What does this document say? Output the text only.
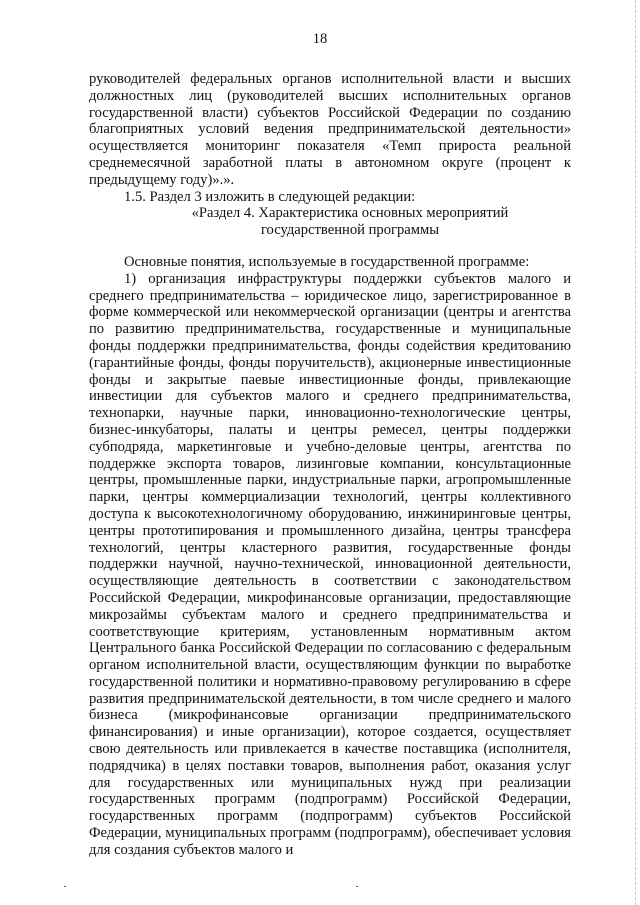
18

руководителей федеральных органов исполнительной власти и высших должностных лиц (руководителей высших исполнительных органов государственной власти) субъектов Российской Федерации по созданию благоприятных условий ведения предпринимательской деятельности» осуществляется мониторинг показателя «Темп прироста реальной среднемесячной заработной платы в автономном округе (процент к предыдущему году)».».

1.5. Раздел 3 изложить в следующей редакции:

«Раздел 4. Характеристика основных мероприятий

государственной программы

Основные понятия, используемые в государственной программе:

1) организация инфраструктуры поддержки субъектов малого и среднего предпринимательства – юридическое лицо, зарегистрированное в форме коммерческой или некоммерческой организации (центры и агентства по развитию предпринимательства, государственные и муниципальные фонды поддержки предпринимательства, фонды содействия кредитованию (гарантийные фонды, фонды поручительств), акционерные инвестиционные фонды и закрытые паевые инвестиционные фонды, привлекающие инвестиции для субъектов малого и среднего предпринимательства, технопарки, научные парки, инновационно-технологические центры, бизнес-инкубаторы, палаты и центры ремесел, центры поддержки субподряда, маркетинговые и учебно-деловые центры, агентства по поддержке экспорта товаров, лизинговые компании, консультационные центры, промышленные парки, индустриальные парки, агропромышленные парки, центры коммерциализации технологий, центры коллективного доступа к высокотехнологичному оборудованию, инжиниринговые центры, центры прототипирования и промышленного дизайна, центры трансфера технологий, центры кластерного развития, государственные фонды поддержки научной, научно-технической, инновационной деятельности, осуществляющие деятельность в соответствии с законодательством Российской Федерации, микрофинансовые организации, предоставляющие микрозаймы субъектам малого и среднего предпринимательства и соответствующие критериям, установленным нормативным актом Центрального банка Российской Федерации по согласованию с федеральным органом исполнительной власти, осуществляющим функции по выработке государственной политики и нормативно-правовому регулированию в сфере развития предпринимательской деятельности, в том числе среднего и малого бизнеса (микрофинансовые организации предпринимательского финансирования) и иные организации), которое создается, осуществляет свою деятельность или привлекается в качестве поставщика (исполнителя, подрядчика) в целях поставки товаров, выполнения работ, оказания услуг для государственных или муниципальных нужд при реализации государственных программ (подпрограмм) Российской Федерации, государственных программ (подпрограмм) субъектов Российской Федерации, муниципальных программ (подпрограмм), обеспечивает условия для создания субъектов малого и
